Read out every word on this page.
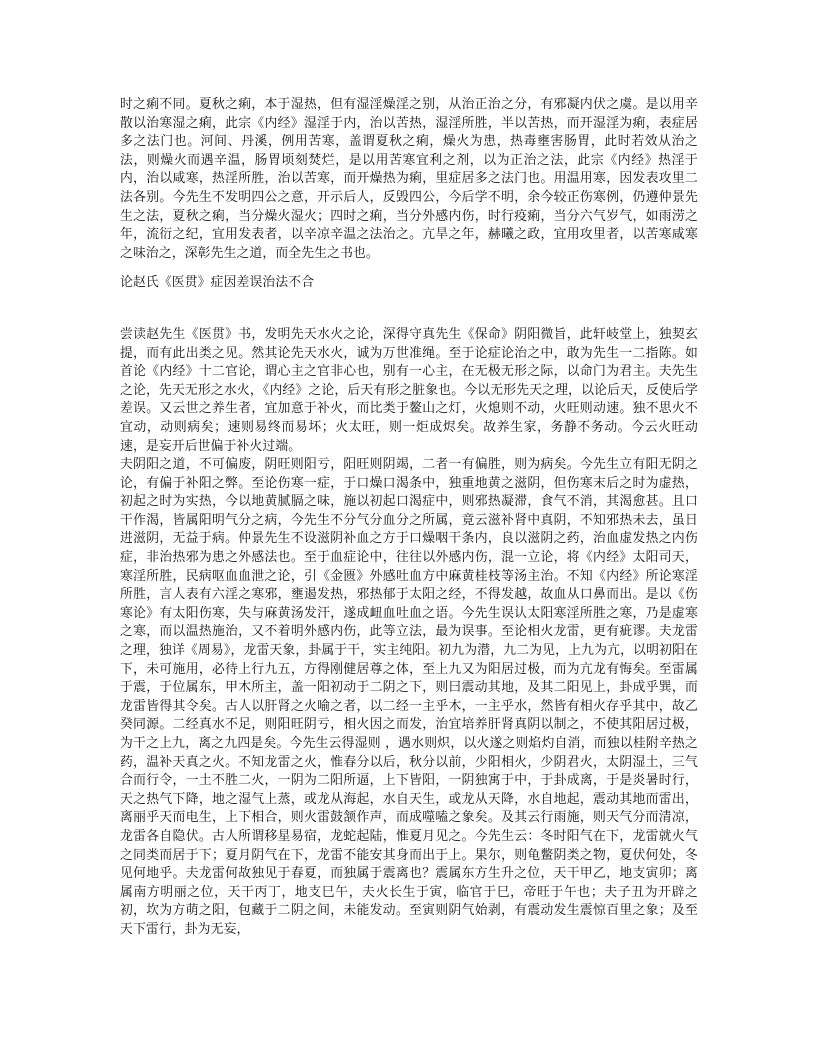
时之痢不同。夏秋之痢，本于湿热，但有湿淫燥淫之别，从治正治之分，有邪凝内伏之虞。是以用辛散以治寒湿之痢，此宗《内经》湿淫于内，治以苦热，湿淫所胜，半以苦热，而开湿淫为痢，表症居多之法门也。河间、丹溪，例用苦寒，盖谓夏秋之痢，燥火为患，热毒壅害肠胃，此时若效从治之法，则燥火而遇辛温，肠胃顷刻焚烂，是以用苦寒宜利之剂，以为正治之法，此宗《内经》热淫于内，治以咸寒，热淫所胜，治以苦寒，而开燥热为痢，里症居多之法门也。用温用寒，因发表攻里二法各别。今先生不发明四公之意，开示后人，反毁四公，今后学不明，余今较正伤寒例，仍遵仲景先生之法，夏秋之痢，当分燥火湿火；四时之痢，当分外感内伤，时行疫痢，当分六气岁气，如雨涝之年，流衍之纪，宜用发表者，以辛凉辛温之法治之。亢旱之年，赫曦之政，宜用攻里者，以苦寒咸寒之味治之，深彰先生之道，而全先生之书也。

论赵氏《医贯》症因差误治法不合

尝读赵先生《医贯》书，发明先天水火之论，深得守真先生《保命》阴阳微旨，此轩岐堂上，独契玄提，而有此出类之见。然其论先天水火，诚为万世准绳。至于论症论治之中，敢为先生一二指陈。如首论《内经》十二官论，谓心主之官非心也，别有一心主，在无极无形之际，以命门为君主。夫先生之论，先天无形之水火，《内经》之论，后天有形之脏象也。今以无形先天之理，以论后天，反使后学差误。又云世之养生者，宜加意于补火，而比类于鳌山之灯，火熄则不动，火旺则动速。独不思火不宜动，动则病矣；速则易终而易坏；火太旺，则一炬成烬矣。故养生家，务静不务动。今云火旺动速，是妄开后世偏于补火过端。

夫阴阳之道，不可偏废，阴旺则阳亏，阳旺则阴竭，二者一有偏胜，则为病矣。今先生立有阳无阴之论，有偏于补阳之弊。至论伤寒一症，于口燥口渴条中，独重地黄之滋阴，但伤寒末后之时为虚热，初起之时为实热，今以地黄腻膈之味，施以初起口渴症中，则邪热凝滞，食气不消，其渴愈甚。且口干作渴，皆属阳明气分之病，今先生不分气分血分之所属，竟云滋补肾中真阴，不知邪热未去，虽日进滋阴，无益于病。仲景先生不设滋阴补血之方于口燥咽干条内，良以滋阴之药，治血虚发热之内伤症，非治热邪为患之外感法也。至于血症论中，往往以外感内伤，混一立论，将《内经》太阳司天，寒淫所胜，民病呕血血泄之论，引《金匮》外感吐血方中麻黄桂枝等汤主治。不知《内经》所论寒淫所胜，言人表有六淫之寒邪，壅遏发热，邪热郁于太阳之经，不得发越，故血从口鼻而出。是以《伤寒论》有太阳伤寒，失与麻黄汤发汗，遂成衄血吐血之语。今先生误认太阳寒淫所胜之寒，乃是虚寒之寒，而以温热施治，又不着明外感内伤，此等立法，最为误事。至论相火龙雷，更有疵谬。夫龙雷之理，独详《周易》，龙雷天象，卦属于干，实主纯阳。初九为潜，九二为见，上九为亢，以明初阳在下，未可施用，必待上行九五，方得刚健居尊之体，至上九又为阳居过极，而为亢龙有悔矣。至雷属于震，于位属东，甲木所主，盖一阳初动于二阴之下，则曰震动其地，及其二阳见上，卦成乎巽，而龙雷皆得其令矣。古人以肝肾之火喻之者，以二经一主乎木，一主乎水，然皆有相火存乎其中，故乙癸同源。二经真水不足，则阳旺阴亏，相火因之而发，治宜培养肝肾真阴以制之，不使其阳居过极，为干之上九，离之九四是矣。今先生云得湿则 ，遇水则炽，以火遂之则焰灼自消，而独以桂附辛热之药，温补天真之火。不知龙雷之火，惟春分以后，秋分以前，少阳相火，少阴君火，太阴湿土，三气合而行令，一土不胜二火，一阴为二阳所逼，上下皆阳，一阴独寓于中，于卦成离，于是炎暑时行，天之热气下降，地之湿气上蒸，或龙从海起，水自天生，或龙从天降，水自地起，震动其地而雷出，离丽乎天而电生，上下相合，则火雷鼓颔作声，而成噬嗑之象矣。及其云行雨施，则天气分而清凉，龙雷各自隐伏。古人所谓移星易宿，龙蛇起陆，惟夏月见之。今先生云：冬时阳气在下，龙雷就火气之同类而居于下；夏月阴气在下，龙雷不能安其身而出于上。果尔，则龟鳖阴类之物，夏伏何处，冬见何地乎。夫龙雷何故独见于春夏，而独属于震离也？震属东方生升之位，天干甲乙，地支寅卯；离属南方明丽之位，天干丙丁，地支巳午，夫火长生于寅，临官于巳，帝旺于午也；夫子丑为开辟之初，坎为方萌之阳，包藏于二阴之间，未能发动。至寅则阴气始剥，有震动发生震惊百里之象；及至天下雷行，卦为无妄，
